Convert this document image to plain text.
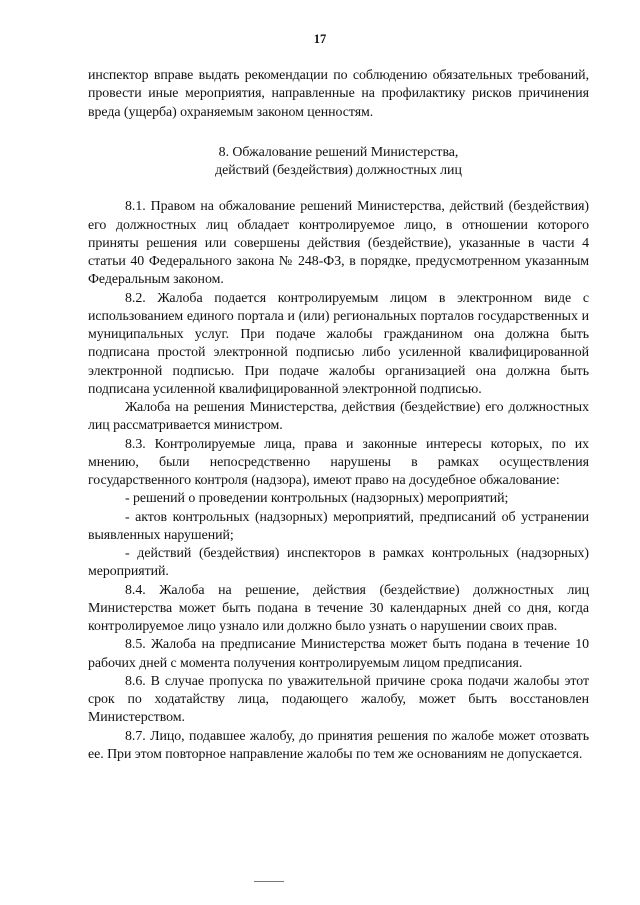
17

инспектор вправе выдать рекомендации по соблюдению обязательных требований, провести иные мероприятия, направленные на профилактику рисков причинения вреда (ущерба) охраняемым законом ценностям.

8. Обжалование решений Министерства,
действий (бездействия) должностных лиц

8.1. Правом на обжалование решений Министерства, действий (бездействия) его должностных лиц обладает контролируемое лицо, в отношении которого приняты решения или совершены действия (бездействие), указанные в части 4 статьи 40 Федерального закона № 248-ФЗ, в порядке, предусмотренном указанным Федеральным законом.

8.2. Жалоба подается контролируемым лицом в электронном виде с использованием единого портала и (или) региональных порталов государственных и муниципальных услуг. При подаче жалобы гражданином она должна быть подписана простой электронной подписью либо усиленной квалифицированной электронной подписью. При подаче жалобы организацией она должна быть подписана усиленной квалифицированной электронной подписью.

Жалоба на решения Министерства, действия (бездействие) его должностных лиц рассматривается министром.

8.3. Контролируемые лица, права и законные интересы которых, по их мнению, были непосредственно нарушены в рамках осуществления государственного контроля (надзора), имеют право на досудебное обжалование:

- решений о проведении контрольных (надзорных) мероприятий;
- актов контрольных (надзорных) мероприятий, предписаний об устранении выявленных нарушений;
- действий (бездействия) инспекторов в рамках контрольных (надзорных) мероприятий.

8.4. Жалоба на решение, действия (бездействие) должностных лиц Министерства может быть подана в течение 30 календарных дней со дня, когда контролируемое лицо узнало или должно было узнать о нарушении своих прав.

8.5. Жалоба на предписание Министерства может быть подана в течение 10 рабочих дней с момента получения контролируемым лицом предписания.

8.6. В случае пропуска по уважительной причине срока подачи жалобы этот срок по ходатайству лица, подающего жалобу, может быть восстановлен Министерством.

8.7. Лицо, подавшее жалобу, до принятия решения по жалобе может отозвать ее. При этом повторное направление жалобы по тем же основаниям не допускается.
